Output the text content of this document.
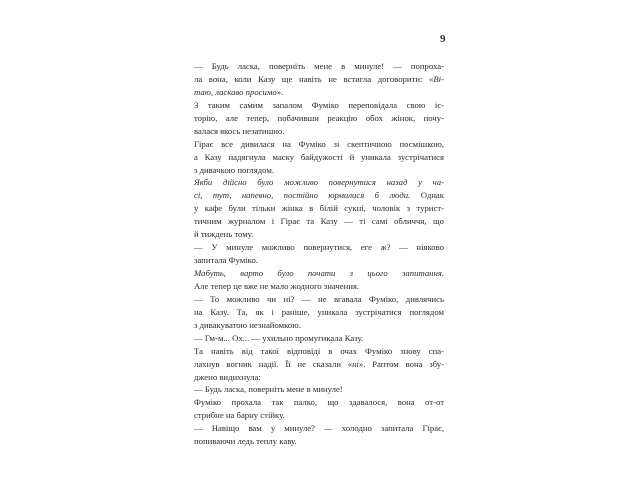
9
— Будь ласка, поверніть мене в минуле! — попроха-
ла вона, коли Казу ще навіть не встигла договорити: «Ві-
таю, ласкаво просимо».
З таким самим запалом Фуміко переповідала свою іс-
торію, але тепер, побачивши реакцію обох жінок, почу-
валася якось незатишно.
Гірає все дивилася на Фуміко зі скептичною посмішкою,
а Казу надягнула маску байдужості й уникала зустрічатися
з дивачкою поглядом.
Якби дійсно було можливо повернутися назад у ча-
сі, тут, напевно, постійно юрмилися б люди. Однак
у кафе були тільки жінка в білій сукні, чоловік з турист-
тичним журналом і Гірає та Казу — ті самі обличчя, що
й тиждень тому.
— У минуле можливо повернутися, еге ж? — ніяково
запитала Фуміко.
Мабуть, варто було почати з цього запитання.
Але тепер це вже не мало жодного значення.
— То можливо чи ні? — не вгавала Фуміко, дивлячись
на Казу. Та, як і раніше, уникала зустрічатися поглядом
з дивакуватою незнайомкою.
— Гм-м... Ох... — ухильно промугикала Казу.
Та навіть від такої відповіді в очах Фуміко знову спа-
лахнув вогник надії. Її не сказали «ні». Раптом вона збу-
джено видихнула:
— Будь ласка, поверніть мене в минуле!
Фуміко прохала так палко, що здавалося, вона от-от
стрибне на барну стійку.
— Навіщо вам у минуле? — холодно запитала Гірає,
попиваючи ледь теплу каву.
